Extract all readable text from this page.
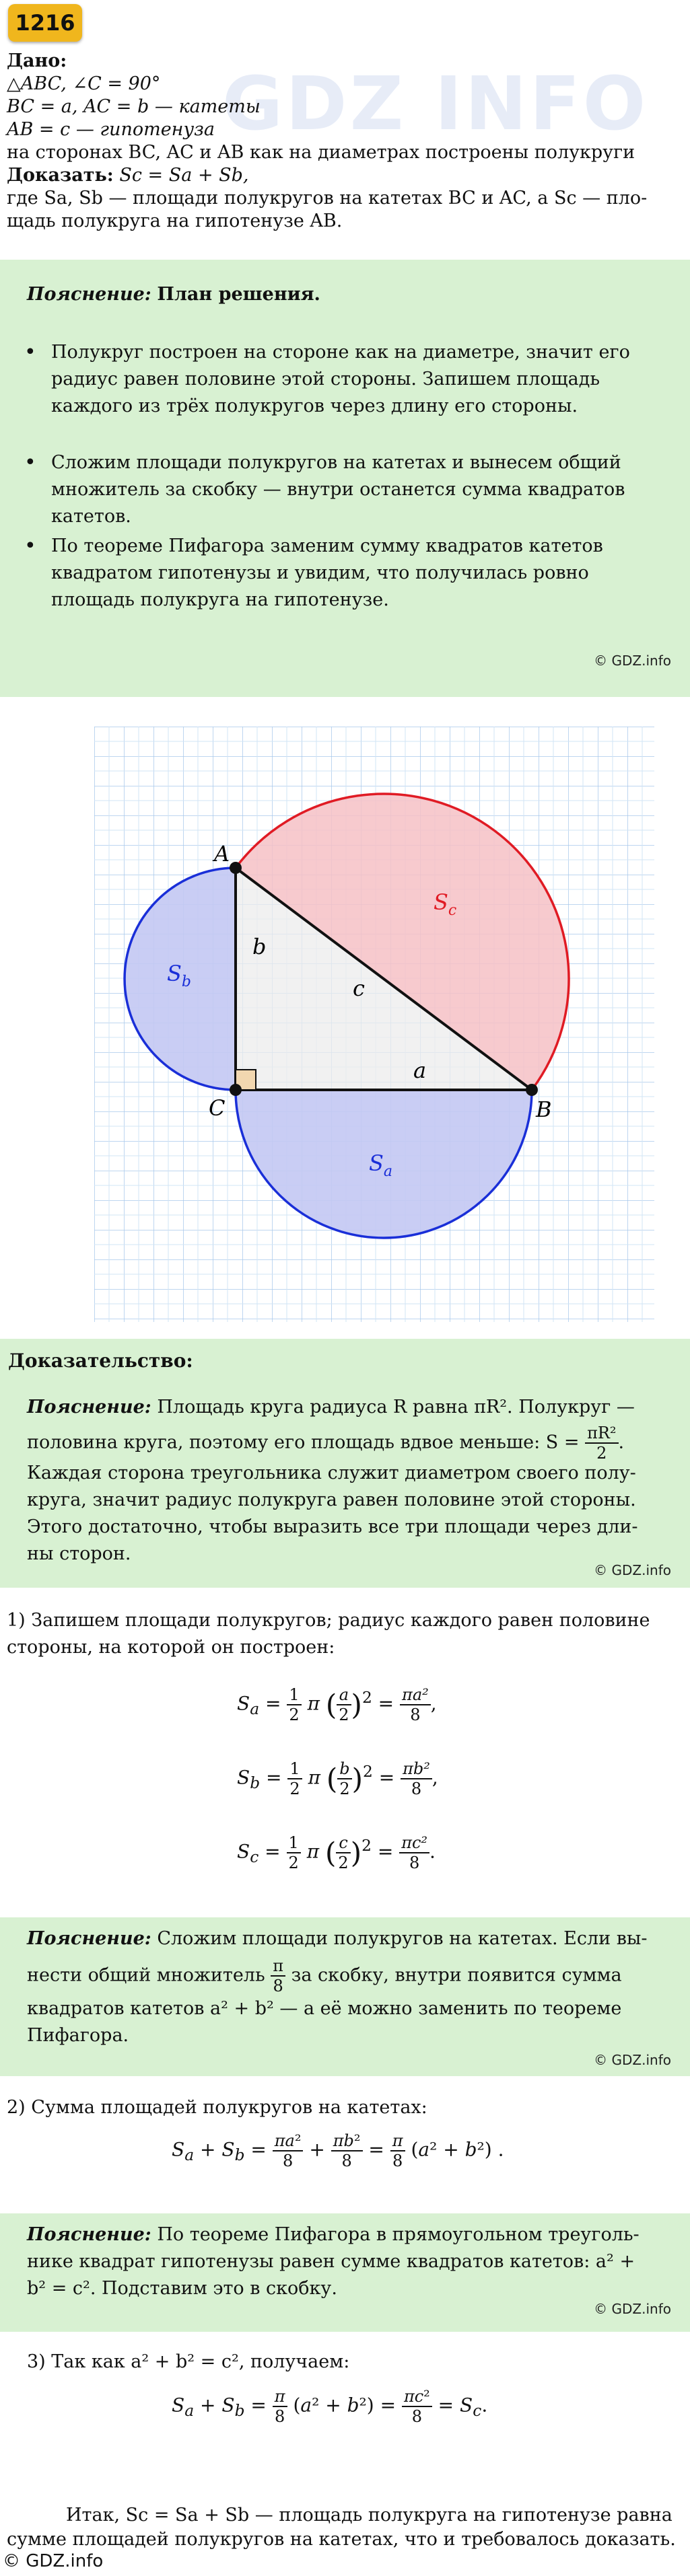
1216
GDZ INFO
Дано:
△ABC, ∠C = 90°
BC = a, AC = b — катеты
AB = c — гипотенуза
на сторонах BC, AC и AB как на диаметрах построены полукруги
Доказать: Sc = Sa + Sb,
где Sa, Sb — площади полукругов на катетах BC и AC, а Sc — пло-
щадь полукруга на гипотенузе AB.
Пояснение: План решения.
• Полукруг построен на стороне как на диаметре, значит его радиус равен половине этой стороны. Запишем площадь каждого из трёх полукругов через длину его стороны.
• Сложим площади полукругов на катетах и вынесем общий множитель за скобку — внутри останется сумма квадратов катетов.
• По теореме Пифагора заменим сумму квадратов катетов квадратом гипотенузы и увидим, что получилась ровно площадь полукруга на гипотенузе.
© GDZ.info
A
B
C
b
c
a
$S_b$
$S_c$
$S_a$
Доказательство:
Пояснение: Площадь круга радиуса R равна πR². Полукруг —
половина круга, поэтому его площадь вдвое меньше: $S = \frac{\text{πR²}}{2}$ .
Каждая сторона треугольника служит диаметром своего полу-
круга, значит радиус полукруга равен половине этой стороны.
Этого достаточно, чтобы выразить все три площади через дли-
ны сторон.
© GDZ.info
1) Запишем площади полукругов; радиус каждого равен половине
стороны, на которой он построен:
$S_a = \frac{1}{2}$ π ( $\frac{a}{2} )^2 = \frac{\text{πa²}}{8}$ ,
$S_b = \frac{1}{2}$ π ( $\frac{b}{2} )^2 = \frac{\text{πb²}}{8}$ ,
$S_c = \frac{1}{2}$ π ( $\frac{c}{2} )^2 = \frac{\text{πc²}}{8}$ .
Пояснение: Сложим площади полукругов на катетах. Если вы-
нести общий множитель $\frac{\pi}{8}$ за скобку, внутри появится сумма
квадратов катетов a² + b² — а её можно заменить по теореме
Пифагора.
© GDZ.info
2) Сумма площадей полукругов на катетах:
$S_a + S_b = \frac{\text{πa²}}{8} + \frac{\text{πb²}}{8} = \frac{\pi}{8} (a^2 + b^2)$ .
Пояснение: По теореме Пифагора в прямоугольном треуголь-
нике квадрат гипотенузы равен сумме квадратов катетов: a² +
b² = c². Подставим это в скобку.
© GDZ.info
3) Так как a² + b² = c², получаем:
$S_a + S_b = \frac{\pi}{8} (a^2 + b^2) = \frac{\text{πc²}}{8} = S_c$.
Итак, Sc = Sa + Sb — площадь полукруга на гипотенузе равна
сумме площадей полукругов на катетах, что и требовалось доказать.
© GDZ.info
